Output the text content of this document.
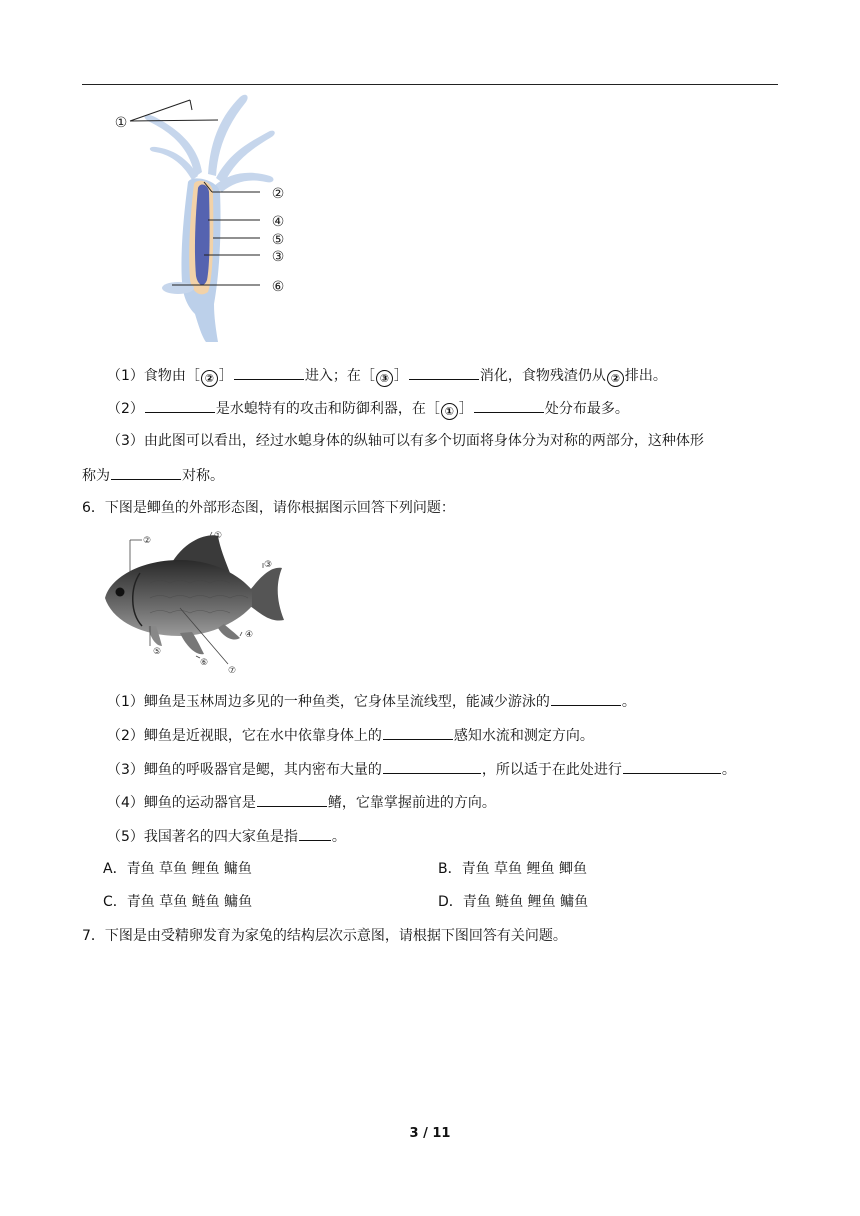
①
②
④
⑤
③
⑥
（1）食物由［ ② ］	进入；在［ ③ ］	消化，食物残渣仍从 ② 排出。
（2）	是水螅特有的攻击和防御利器，在［ ① ］	处分布最多。
（3）由此图可以看出，经过水螅身体的纵轴可以有多个切面将身体分为对称的两部分，这种体形
称为	对称。
6．下图是鲫鱼的外部形态图，请你根据图示回答下列问题：
①
②
③
④
⑤
⑥
⑦
（1）鲫鱼是玉林周边多见的一种鱼类，它身体呈流线型，能减少游泳的	。
（2）鲫鱼是近视眼，它在水中依靠身体上的	感知水流和测定方向。
（3）鲫鱼的呼吸器官是鳃，其内密布大量的	，所以适于在此处进行	。
（4）鲫鱼的运动器官是	鳍，它靠掌握前进的方向。
（5）我国著名的四大家鱼是指 。
A．青鱼 草鱼 鲤鱼 鳙鱼	B．青鱼 草鱼 鲤鱼 鲫鱼
C．青鱼 草鱼 鲢鱼 鳙鱼	D．青鱼 鲢鱼 鲤鱼 鳙鱼
7．下图是由受精卵发育为家兔的结构层次示意图，请根据下图回答有关问题。
3 / 11
